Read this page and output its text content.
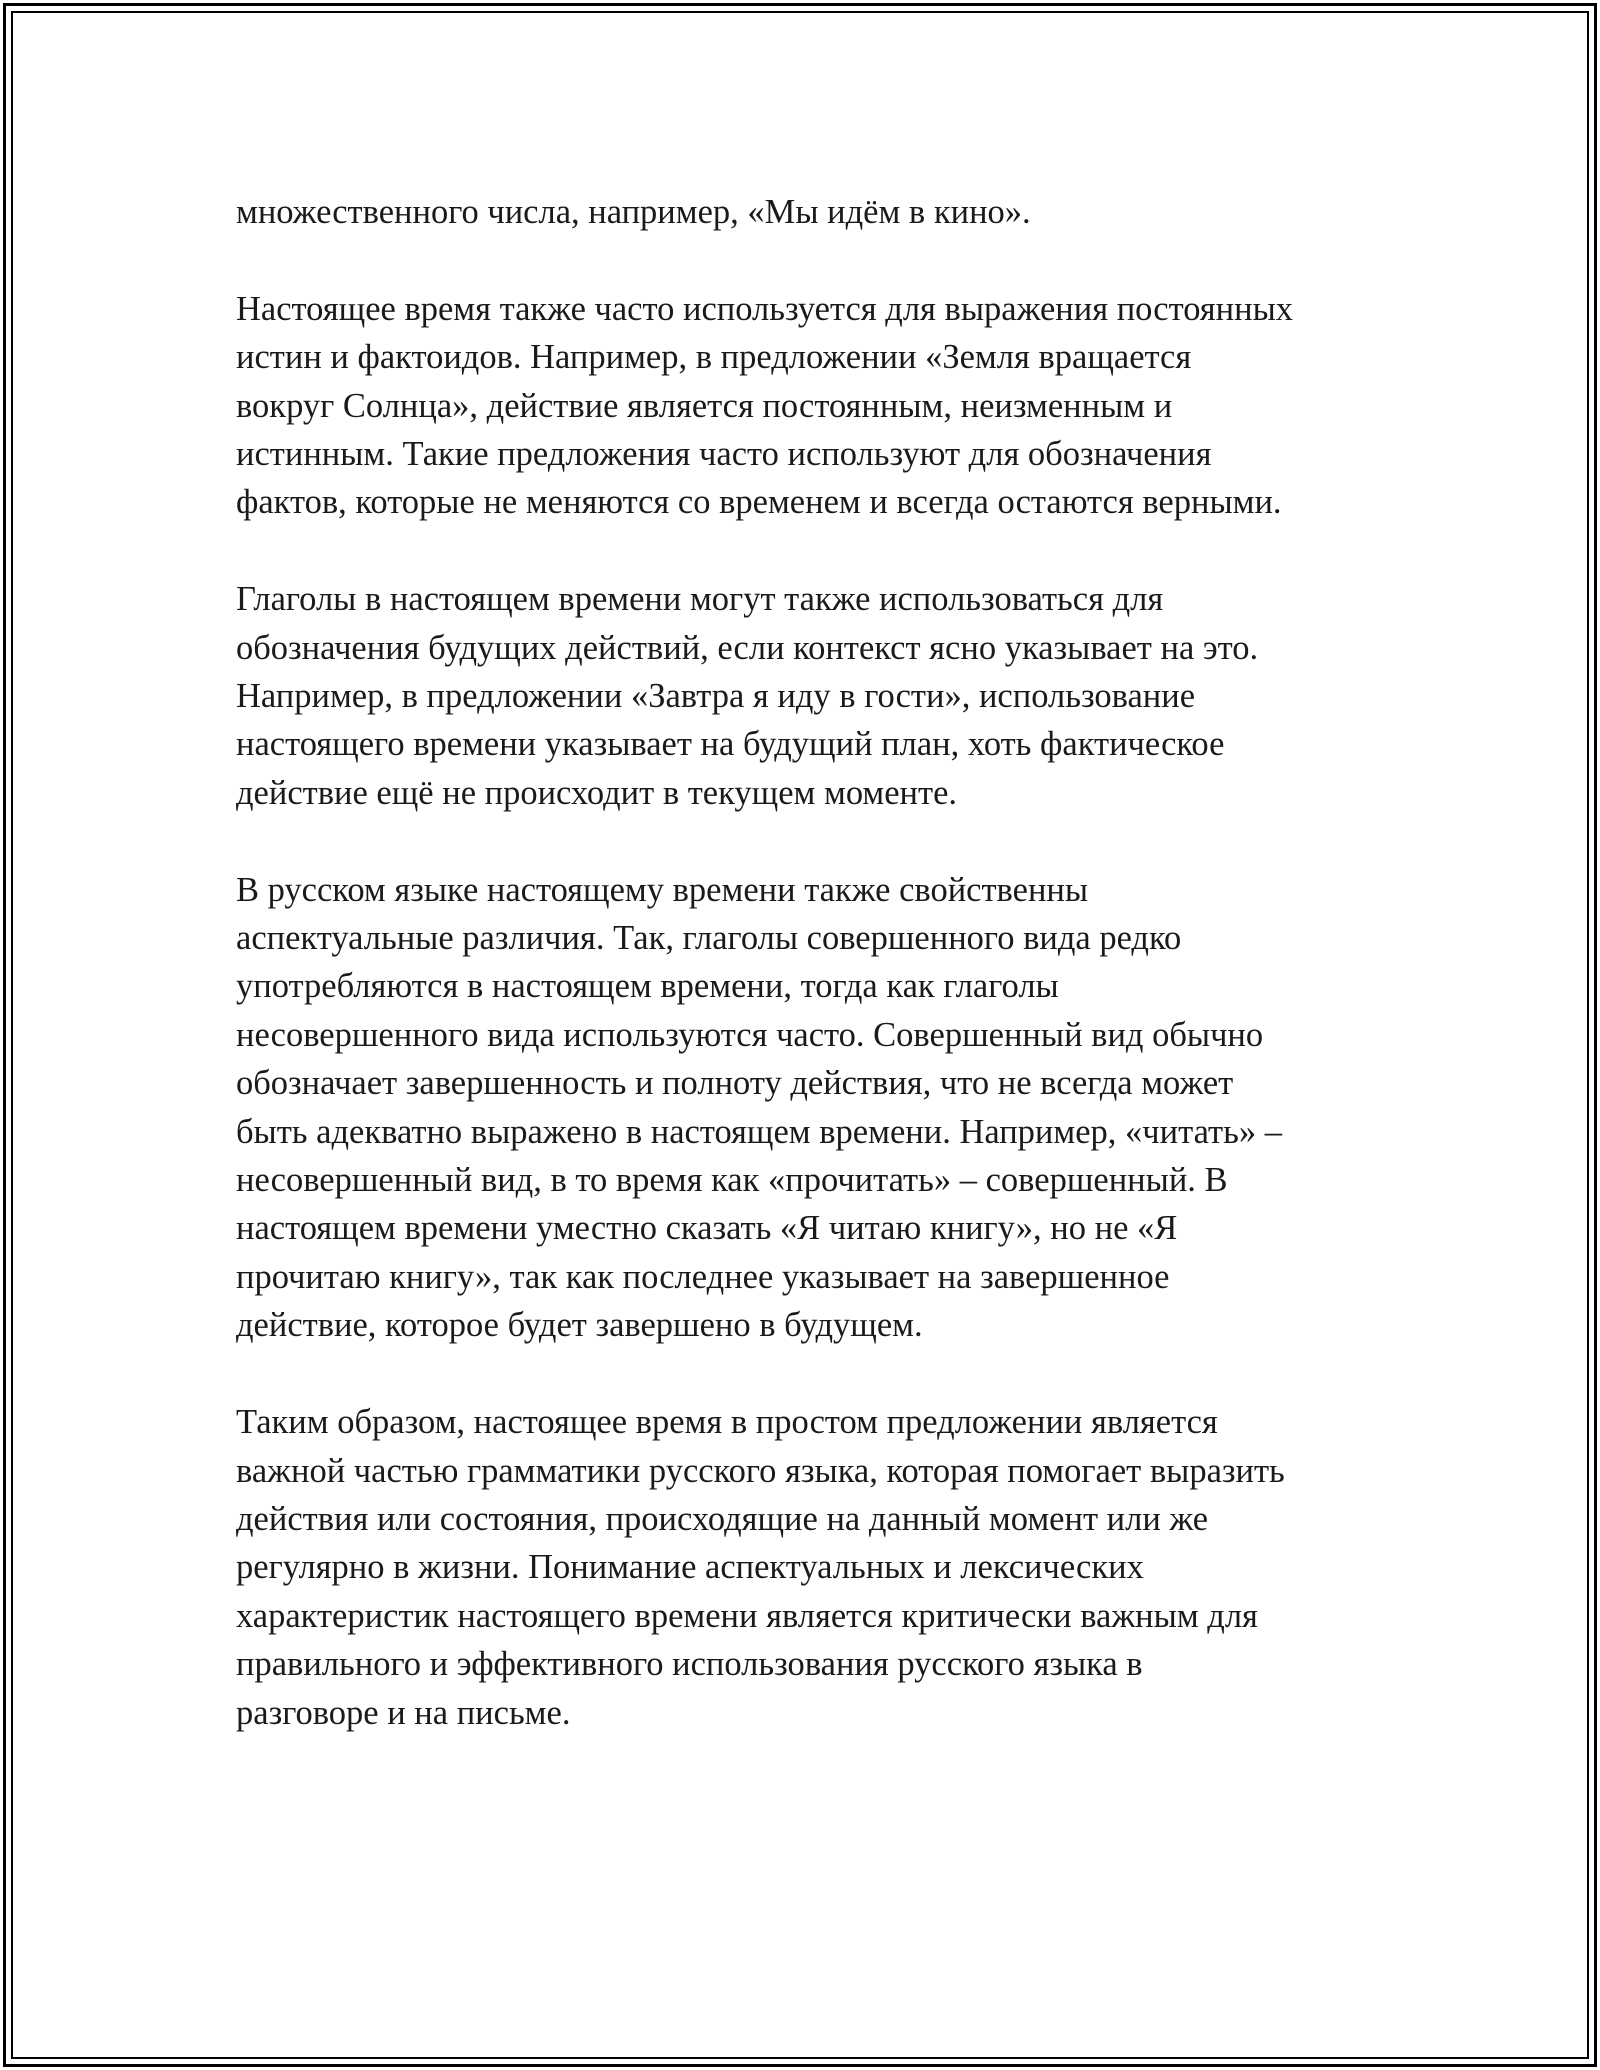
множественного числа, например, «Мы идём в кино».

Настоящее время также часто используется для выражения постоянных
истин и фактоидов. Например, в предложении «Земля вращается
вокруг Солнца», действие является постоянным, неизменным и
истинным. Такие предложения часто используют для обозначения
фактов, которые не меняются со временем и всегда остаются верными.

Глаголы в настоящем времени могут также использоваться для
обозначения будущих действий, если контекст ясно указывает на это.
Например, в предложении «Завтра я иду в гости», использование
настоящего времени указывает на будущий план, хоть фактическое
действие ещё не происходит в текущем моменте.

В русском языке настоящему времени также свойственны
аспектуальные различия. Так, глаголы совершенного вида редко
употребляются в настоящем времени, тогда как глаголы
несовершенного вида используются часто. Совершенный вид обычно
обозначает завершенность и полноту действия, что не всегда может
быть адекватно выражено в настоящем времени. Например, «читать» –
несовершенный вид, в то время как «прочитать» – совершенный. В
настоящем времени уместно сказать «Я читаю книгу», но не «Я
прочитаю книгу», так как последнее указывает на завершенное
действие, которое будет завершено в будущем.

Таким образом, настоящее время в простом предложении является
важной частью грамматики русского языка, которая помогает выразить
действия или состояния, происходящие на данный момент или же
регулярно в жизни. Понимание аспектуальных и лексических
характеристик настоящего времени является критически важным для
правильного и эффективного использования русского языка в
разговоре и на письме.
